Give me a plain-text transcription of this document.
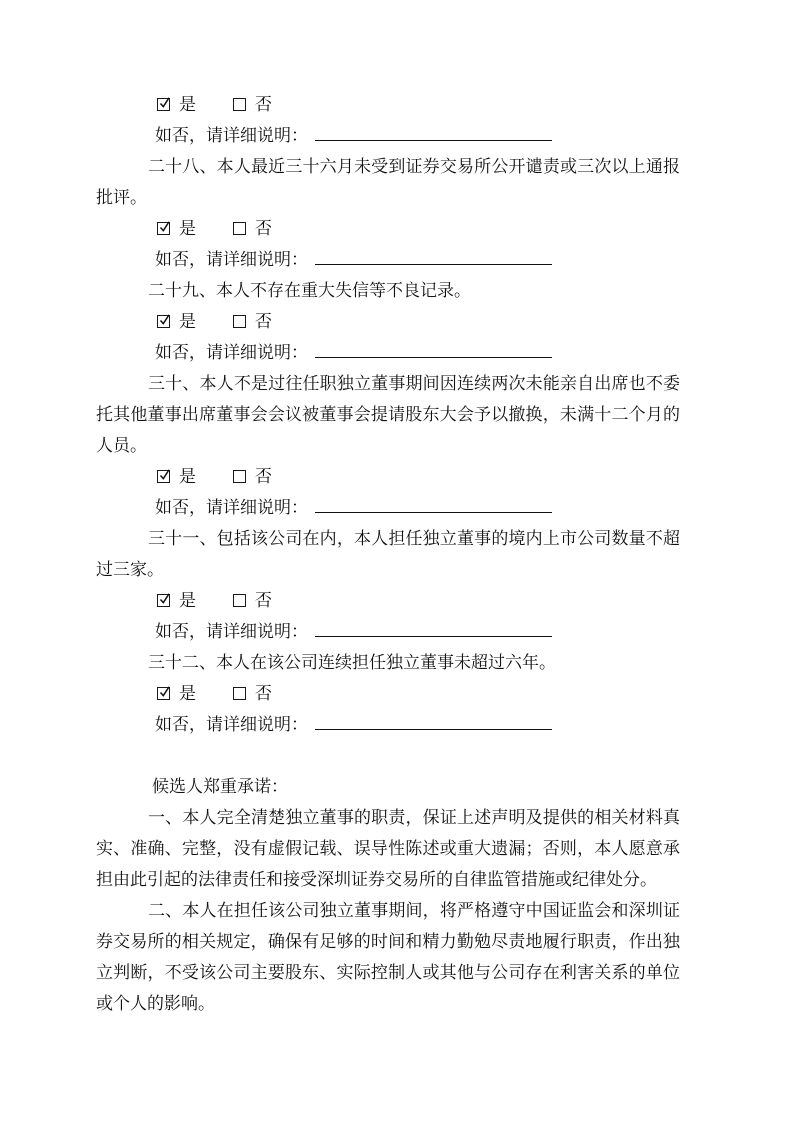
是	否
如否，请详细说明：

二十八、本人最近三十六月未受到证券交易所公开谴责或三次以上通报批评。

是	否
如否，请详细说明：

二十九、本人不存在重大失信等不良记录。

是	否
如否，请详细说明：

三十、本人不是过往任职独立董事期间因连续两次未能亲自出席也不委托其他董事出席董事会会议被董事会提请股东大会予以撤换，未满十二个月的人员。

是	否
如否，请详细说明：

三十一、包括该公司在内，本人担任独立董事的境内上市公司数量不超过三家。

是	否
如否，请详细说明：

三十二、本人在该公司连续担任独立董事未超过六年。

是	否
如否，请详细说明：

候选人郑重承诺：

一、本人完全清楚独立董事的职责，保证上述声明及提供的相关材料真实、准确、完整，没有虚假记载、误导性陈述或重大遗漏；否则，本人愿意承担由此引起的法律责任和接受深圳证券交易所的自律监管措施或纪律处分。

二、本人在担任该公司独立董事期间，将严格遵守中国证监会和深圳证券交易所的相关规定，确保有足够的时间和精力勤勉尽责地履行职责，作出独立判断，不受该公司主要股东、实际控制人或其他与公司存在利害关系的单位或个人的影响。
